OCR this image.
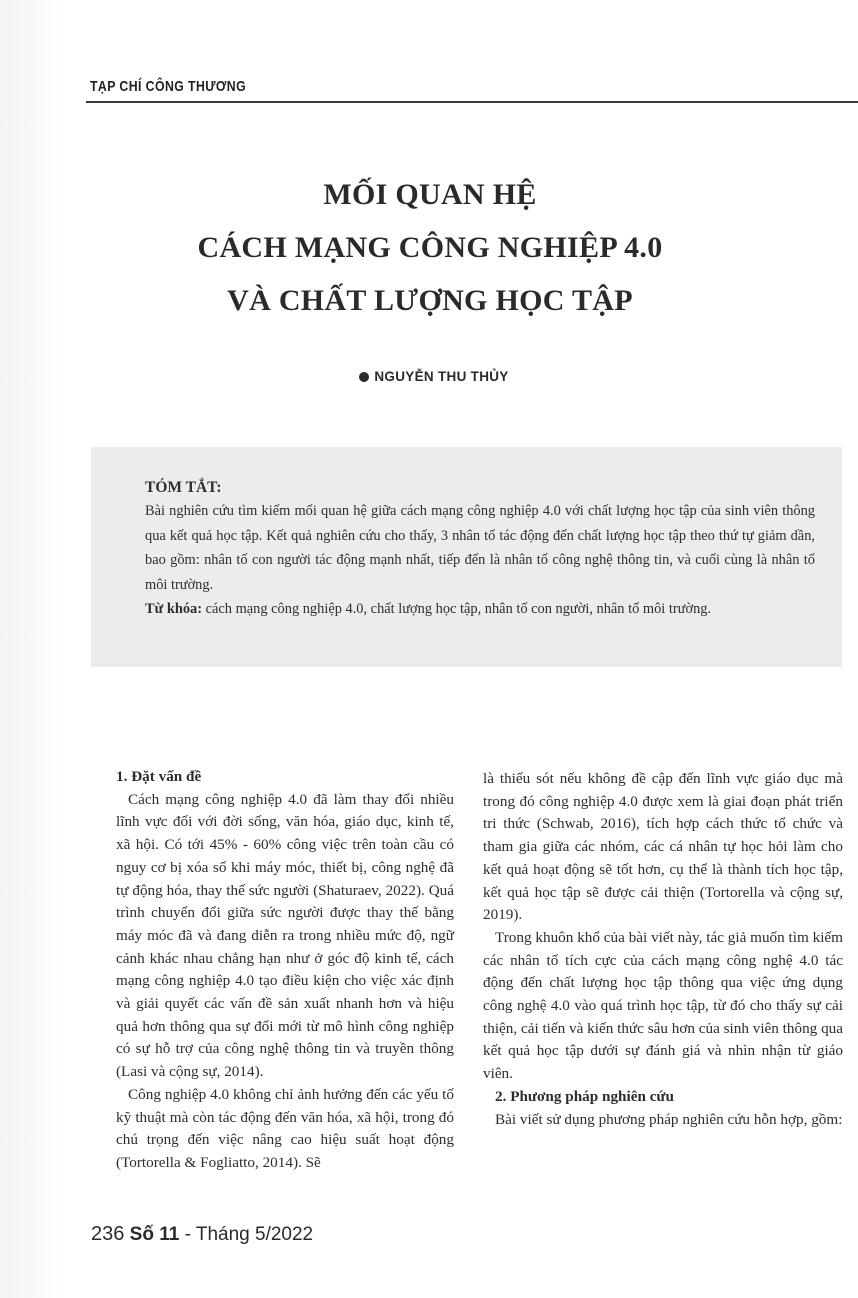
TẠP CHÍ CÔNG THƯƠNG
MỐI QUAN HỆ
CÁCH MẠNG CÔNG NGHIỆP 4.0
VÀ CHẤT LƯỢNG HỌC TẬP
NGUYỄN THU THỦY
TÓM TẮT:

Bài nghiên cứu tìm kiếm mối quan hệ giữa cách mạng công nghiệp 4.0 với chất lượng học tập của sinh viên thông qua kết quả học tập. Kết quả nghiên cứu cho thấy, 3 nhân tố tác động đến chất lượng học tập theo thứ tự giảm dần, bao gồm: nhân tố con người tác động mạnh nhất, tiếp đến là nhân tố công nghệ thông tin, và cuối cùng là nhân tố môi trường.

Từ khóa: cách mạng công nghiệp 4.0, chất lượng học tập, nhân tố con người, nhân tố môi trường.

1. Đặt vấn đề

Cách mạng công nghiệp 4.0 đã làm thay đổi nhiều lĩnh vực đối với đời sống, văn hóa, giáo dục, kinh tế, xã hội. Có tới 45% - 60% công việc trên toàn cầu có nguy cơ bị xóa sổ khi máy móc, thiết bị, công nghệ đã tự động hóa, thay thế sức người (Shaturaev, 2022). Quá trình chuyển đổi giữa sức người được thay thế bằng máy móc đã và đang diễn ra trong nhiều mức độ, ngữ cảnh khác nhau chẳng hạn như ở góc độ kinh tế, cách mạng công nghiệp 4.0 tạo điều kiện cho việc xác định và giải quyết các vấn đề sản xuất nhanh hơn và hiệu quả hơn thông qua sự đổi mới từ mô hình công nghiệp có sự hỗ trợ của công nghệ thông tin và truyền thông (Lasi và cộng sự, 2014).

Công nghiệp 4.0 không chỉ ảnh hưởng đến các yếu tố kỹ thuật mà còn tác động đến văn hóa, xã hội, trong đó chú trọng đến việc nâng cao hiệu suất hoạt động (Tortorella & Fogliatto, 2014). Sẽ

là thiếu sót nếu không đề cập đến lĩnh vực giáo dục mà trong đó công nghiệp 4.0 được xem là giai đoạn phát triển tri thức (Schwab, 2016), tích hợp cách thức tổ chức và tham gia giữa các nhóm, các cá nhân tự học hỏi làm cho kết quả hoạt động sẽ tốt hơn, cụ thể là thành tích học tập, kết quả học tập sẽ được cải thiện (Tortorella và cộng sự, 2019).

Trong khuôn khổ của bài viết này, tác giả muốn tìm kiếm các nhân tố tích cực của cách mạng công nghệ 4.0 tác động đến chất lượng học tập thông qua việc ứng dụng công nghệ 4.0 vào quá trình học tập, từ đó cho thấy sự cải thiện, cải tiến và kiến thức sâu hơn của sinh viên thông qua kết quả học tập dưới sự đánh giá và nhìn nhận từ giáo viên.

2. Phương pháp nghiên cứu

Bài viết sử dụng phương pháp nghiên cứu hỗn hợp, gồm:

236 Số 11 - Tháng 5/2022
